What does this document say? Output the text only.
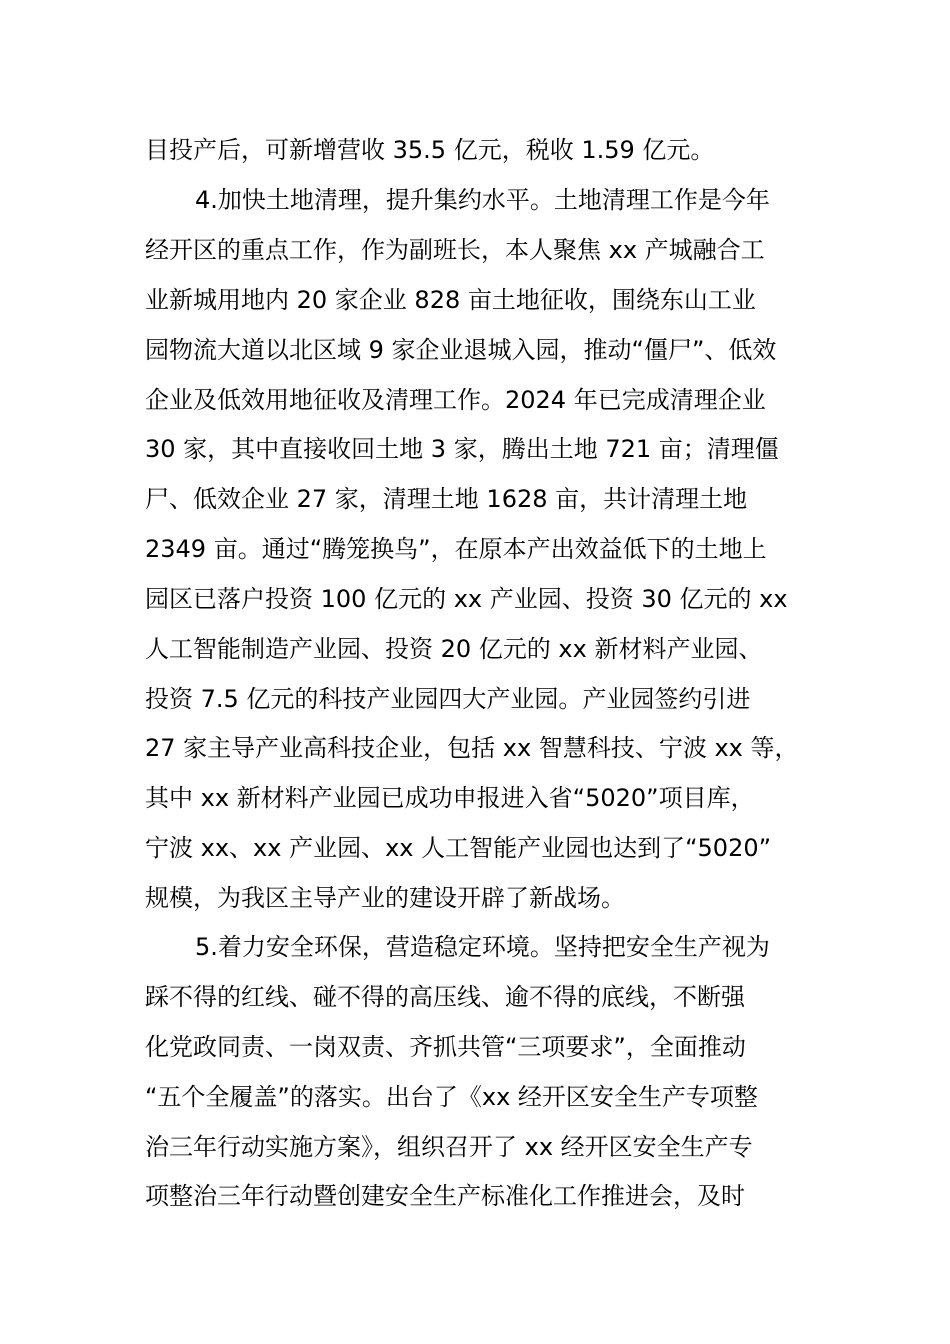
目投产后，可新增营收 35.5 亿元，税收 1.59 亿元。
4.加快土地清理，提升集约水平。土地清理工作是今年
经开区的重点工作，作为副班长，本人聚焦 xx 产城融合工
业新城用地内 20 家企业 828 亩土地征收，围绕东山工业
园物流大道以北区域 9 家企业退城入园，推动“僵尸”、低效
企业及低效用地征收及清理工作。2024 年已完成清理企业
30 家，其中直接收回土地 3 家，腾出土地 721 亩；清理僵
尸、低效企业 27 家，清理土地 1628 亩，共计清理土地
2349 亩。通过“腾笼换鸟”，在原本产出效益低下的土地上
园区已落户投资 100 亿元的 xx 产业园、投资 30 亿元的 xx
人工智能制造产业园、投资 20 亿元的 xx 新材料产业园、
投资 7.5 亿元的科技产业园四大产业园。产业园签约引进
27 家主导产业高科技企业，包括 xx 智慧科技、宁波 xx 等，
其中 xx 新材料产业园已成功申报进入省“5020”项目库，
宁波 xx、xx 产业园、xx 人工智能产业园也达到了“5020”
规模，为我区主导产业的建设开辟了新战场。
5.着力安全环保，营造稳定环境。坚持把安全生产视为
踩不得的红线、碰不得的高压线、逾不得的底线，不断强
化党政同责、一岗双责、齐抓共管“三项要求”，全面推动
“五个全履盖”的落实。出台了《xx 经开区安全生产专项整
治三年行动实施方案》，组织召开了 xx 经开区安全生产专
项整治三年行动暨创建安全生产标准化工作推进会，及时
